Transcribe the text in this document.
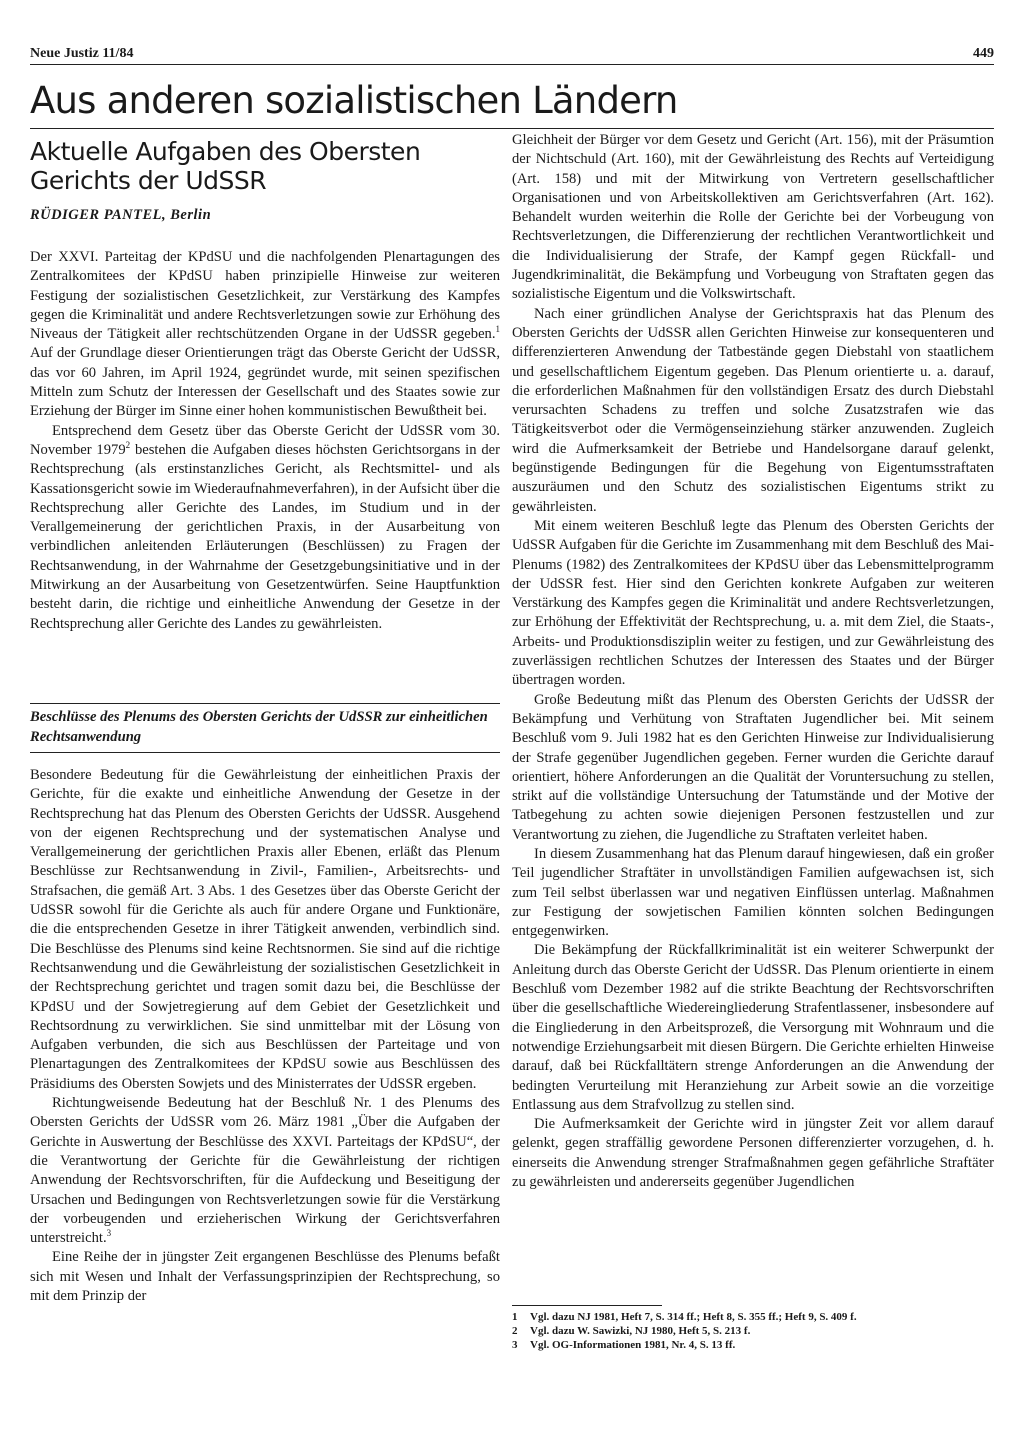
Neue Justiz 11/84	449
Aus anderen sozialistischen Ländern
Aktuelle Aufgaben des Obersten Gerichts der UdSSR
RÜDIGER PANTEL, Berlin

Der XXVI. Parteitag der KPdSU und die nachfolgenden Plenartagungen des Zentralkomitees der KPdSU haben prinzipielle Hinweise zur weiteren Festigung der sozialistischen Gesetzlichkeit, zur Verstärkung des Kampfes gegen die Kriminalität und andere Rechtsverletzungen sowie zur Erhöhung des Niveaus der Tätigkeit aller rechtschützenden Organe in der UdSSR gegeben.$^1$ Auf der Grundlage dieser Orientierungen trägt das Oberste Gericht der UdSSR, das vor 60 Jahren, im April 1924, gegründet wurde, mit seinen spezifischen Mitteln zum Schutz der Interessen der Gesellschaft und des Staates sowie zur Erziehung der Bürger im Sinne einer hohen kommunistischen Bewußtheit bei.

Entsprechend dem Gesetz über das Oberste Gericht der UdSSR vom 30. November 1979$^2$ bestehen die Aufgaben dieses höchsten Gerichtsorgans in der Rechtsprechung (als erstinstanzliches Gericht, als Rechtsmittel- und als Kassationsgericht sowie im Wiederaufnahmeverfahren), in der Aufsicht über die Rechtsprechung aller Gerichte des Landes, im Studium und in der Verallgemeinerung der gerichtlichen Praxis, in der Ausarbeitung von verbindlichen anleitenden Erläuterungen (Beschlüssen) zu Fragen der Rechtsanwendung, in der Wahrnahme der Gesetzgebungsinitiative und in der Mitwirkung an der Ausarbeitung von Gesetzentwürfen. Seine Hauptfunktion besteht darin, die richtige und einheitliche Anwendung der Gesetze in der Rechtsprechung aller Gerichte des Landes zu gewährleisten.

Beschlüsse des Plenums des Obersten Gerichts der UdSSR zur einheitlichen Rechtsanwendung

Besondere Bedeutung für die Gewährleistung der einheitlichen Praxis der Gerichte, für die exakte und einheitliche Anwendung der Gesetze in der Rechtsprechung hat das Plenum des Obersten Gerichts der UdSSR. Ausgehend von der eigenen Rechtsprechung und der systematischen Analyse und Verallgemeinerung der gerichtlichen Praxis aller Ebenen, erläßt das Plenum Beschlüsse zur Rechtsanwendung in Zivil-, Familien-, Arbeitsrechts- und Strafsachen, die gemäß Art. 3 Abs. 1 des Gesetzes über das Oberste Gericht der UdSSR sowohl für die Gerichte als auch für andere Organe und Funktionäre, die die entsprechenden Gesetze in ihrer Tätigkeit anwenden, verbindlich sind. Die Beschlüsse des Plenums sind keine Rechtsnormen. Sie sind auf die richtige Rechtsanwendung und die Gewährleistung der sozialistischen Gesetzlichkeit in der Rechtsprechung gerichtet und tragen somit dazu bei, die Beschlüsse der KPdSU und der Sowjetregierung auf dem Gebiet der Gesetzlichkeit und Rechtsordnung zu verwirklichen. Sie sind unmittelbar mit der Lösung von Aufgaben verbunden, die sich aus Beschlüssen der Parteitage und von Plenartagungen des Zentralkomitees der KPdSU sowie aus Beschlüssen des Präsidiums des Obersten Sowjets und des Ministerrates der UdSSR ergeben.

Richtungweisende Bedeutung hat der Beschluß Nr. 1 des Plenums des Obersten Gerichts der UdSSR vom 26. März 1981 „Über die Aufgaben der Gerichte in Auswertung der Beschlüsse des XXVI. Parteitags der KPdSU“, der die Verantwortung der Gerichte für die Gewährleistung der richtigen Anwendung der Rechtsvorschriften, für die Aufdeckung und Beseitigung der Ursachen und Bedingungen von Rechtsverletzungen sowie für die Verstärkung der vorbeugenden und erzieherischen Wirkung der Gerichtsverfahren unterstreicht.$^3$

Eine Reihe der in jüngster Zeit ergangenen Beschlüsse des Plenums befaßt sich mit Wesen und Inhalt der Verfassungsprinzipien der Rechtsprechung, so mit dem Prinzip der

Gleichheit der Bürger vor dem Gesetz und Gericht (Art. 156), mit der Präsumtion der Nichtschuld (Art. 160), mit der Gewährleistung des Rechts auf Verteidigung (Art. 158) und mit der Mitwirkung von Vertretern gesellschaftlicher Organisationen und von Arbeitskollektiven am Gerichtsverfahren (Art. 162). Behandelt wurden weiterhin die Rolle der Gerichte bei der Vorbeugung von Rechtsverletzungen, die Differenzierung der rechtlichen Verantwortlichkeit und die Individualisierung der Strafe, der Kampf gegen Rückfall- und Jugendkriminalität, die Bekämpfung und Vorbeugung von Straftaten gegen das sozialistische Eigentum und die Volkswirtschaft.

Nach einer gründlichen Analyse der Gerichtspraxis hat das Plenum des Obersten Gerichts der UdSSR allen Gerichten Hinweise zur konsequenteren und differenzierteren Anwendung der Tatbestände gegen Diebstahl von staatlichem und gesellschaftlichem Eigentum gegeben. Das Plenum orientierte u. a. darauf, die erforderlichen Maßnahmen für den vollständigen Ersatz des durch Diebstahl verursachten Schadens zu treffen und solche Zusatzstrafen wie das Tätigkeitsverbot oder die Vermögenseinziehung stärker anzuwenden. Zugleich wird die Aufmerksamkeit der Betriebe und Handelsorgane darauf gelenkt, begünstigende Bedingungen für die Begehung von Eigentumsstraftaten auszuräumen und den Schutz des sozialistischen Eigentums strikt zu gewährleisten.

Mit einem weiteren Beschluß legte das Plenum des Obersten Gerichts der UdSSR Aufgaben für die Gerichte im Zusammenhang mit dem Beschluß des Mai-Plenums (1982) des Zentralkomitees der KPdSU über das Lebensmittelprogramm der UdSSR fest. Hier sind den Gerichten konkrete Aufgaben zur weiteren Verstärkung des Kampfes gegen die Kriminalität und andere Rechtsverletzungen, zur Erhöhung der Effektivität der Rechtsprechung, u. a. mit dem Ziel, die Staats-, Arbeits- und Produktionsdisziplin weiter zu festigen, und zur Gewährleistung des zuverlässigen rechtlichen Schutzes der Interessen des Staates und der Bürger übertragen worden.

Große Bedeutung mißt das Plenum des Obersten Gerichts der UdSSR der Bekämpfung und Verhütung von Straftaten Jugendlicher bei. Mit seinem Beschluß vom 9. Juli 1982 hat es den Gerichten Hinweise zur Individualisierung der Strafe gegenüber Jugendlichen gegeben. Ferner wurden die Gerichte darauf orientiert, höhere Anforderungen an die Qualität der Voruntersuchung zu stellen, strikt auf die vollständige Untersuchung der Tatumstände und der Motive der Tatbegehung zu achten sowie diejenigen Personen festzustellen und zur Verantwortung zu ziehen, die Jugendliche zu Straftaten verleitet haben.

In diesem Zusammenhang hat das Plenum darauf hingewiesen, daß ein großer Teil jugendlicher Straftäter in unvollständigen Familien aufgewachsen ist, sich zum Teil selbst überlassen war und negativen Einflüssen unterlag. Maßnahmen zur Festigung der sowjetischen Familien könnten solchen Bedingungen entgegenwirken.

Die Bekämpfung der Rückfallkriminalität ist ein weiterer Schwerpunkt der Anleitung durch das Oberste Gericht der UdSSR. Das Plenum orientierte in einem Beschluß vom Dezember 1982 auf die strikte Beachtung der Rechtsvorschriften über die gesellschaftliche Wiedereingliederung Strafentlassener, insbesondere auf die Eingliederung in den Arbeitsprozeß, die Versorgung mit Wohnraum und die notwendige Erziehungsarbeit mit diesen Bürgern. Die Gerichte erhielten Hinweise darauf, daß bei Rückfalltätern strenge Anforderungen an die Anwendung der bedingten Verurteilung mit Heranziehung zur Arbeit sowie an die vorzeitige Entlassung aus dem Strafvollzug zu stellen sind.

Die Aufmerksamkeit der Gerichte wird in jüngster Zeit vor allem darauf gelenkt, gegen straffällig gewordene Personen differenzierter vorzugehen, d. h. einerseits die Anwendung strenger Strafmaßnahmen gegen gefährliche Straftäter zu gewährleisten und andererseits gegenüber Jugendlichen

1 Vgl. dazu NJ 1981, Heft 7, S. 314 ff.; Heft 8, S. 355 ff.; Heft 9, S. 409 f.
2 Vgl. dazu W. Sawizki, NJ 1980, Heft 5, S. 213 f.
3 Vgl. OG-Informationen 1981, Nr. 4, S. 13 ff.
